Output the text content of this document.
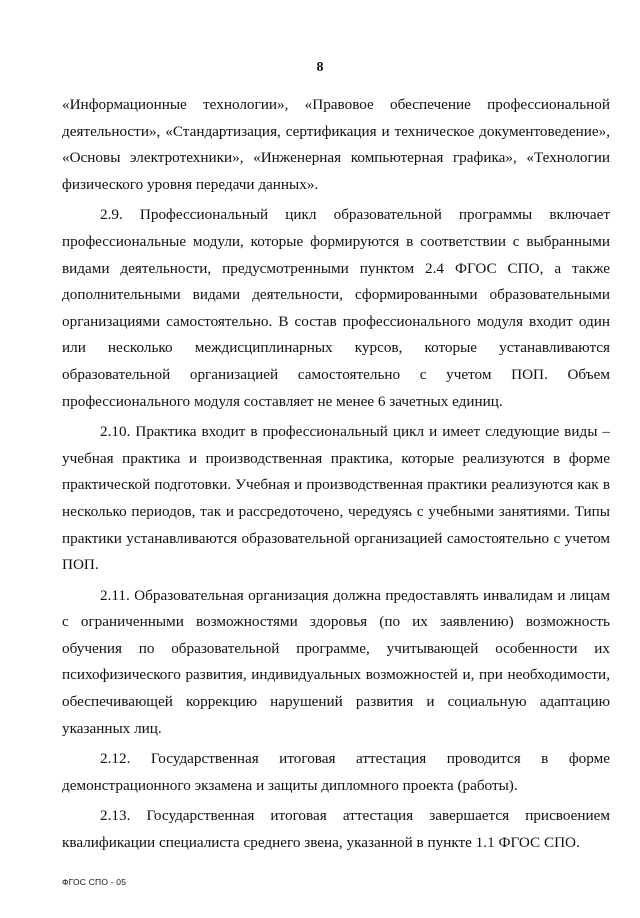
8

«Информационные технологии», «Правовое обеспечение профессиональной деятельности», «Стандартизация, сертификация и техническое документоведение», «Основы электротехники», «Инженерная компьютерная графика», «Технологии физического уровня передачи данных».

2.9. Профессиональный цикл образовательной программы включает профессиональные модули, которые формируются в соответствии с выбранными видами деятельности, предусмотренными пунктом 2.4 ФГОС СПО, а также дополнительными видами деятельности, сформированными образовательными организациями самостоятельно. В состав профессионального модуля входит один или несколько междисциплинарных курсов, которые устанавливаются образовательной организацией самостоятельно с учетом ПОП. Объем профессионального модуля составляет не менее 6 зачетных единиц.

2.10. Практика входит в профессиональный цикл и имеет следующие виды – учебная практика и производственная практика, которые реализуются в форме практической подготовки. Учебная и производственная практики реализуются как в несколько периодов, так и рассредоточено, чередуясь с учебными занятиями. Типы практики устанавливаются образовательной организацией самостоятельно с учетом ПОП.

2.11. Образовательная организация должна предоставлять инвалидам и лицам с ограниченными возможностями здоровья (по их заявлению) возможность обучения по образовательной программе, учитывающей особенности их психофизического развития, индивидуальных возможностей и, при необходимости, обеспечивающей коррекцию нарушений развития и социальную адаптацию указанных лиц.

2.12. Государственная итоговая аттестация проводится в форме демонстрационного экзамена и защиты дипломного проекта (работы).

2.13. Государственная итоговая аттестация завершается присвоением квалификации специалиста среднего звена, указанной в пункте 1.1 ФГОС СПО.

ФГОС СПО - 05
